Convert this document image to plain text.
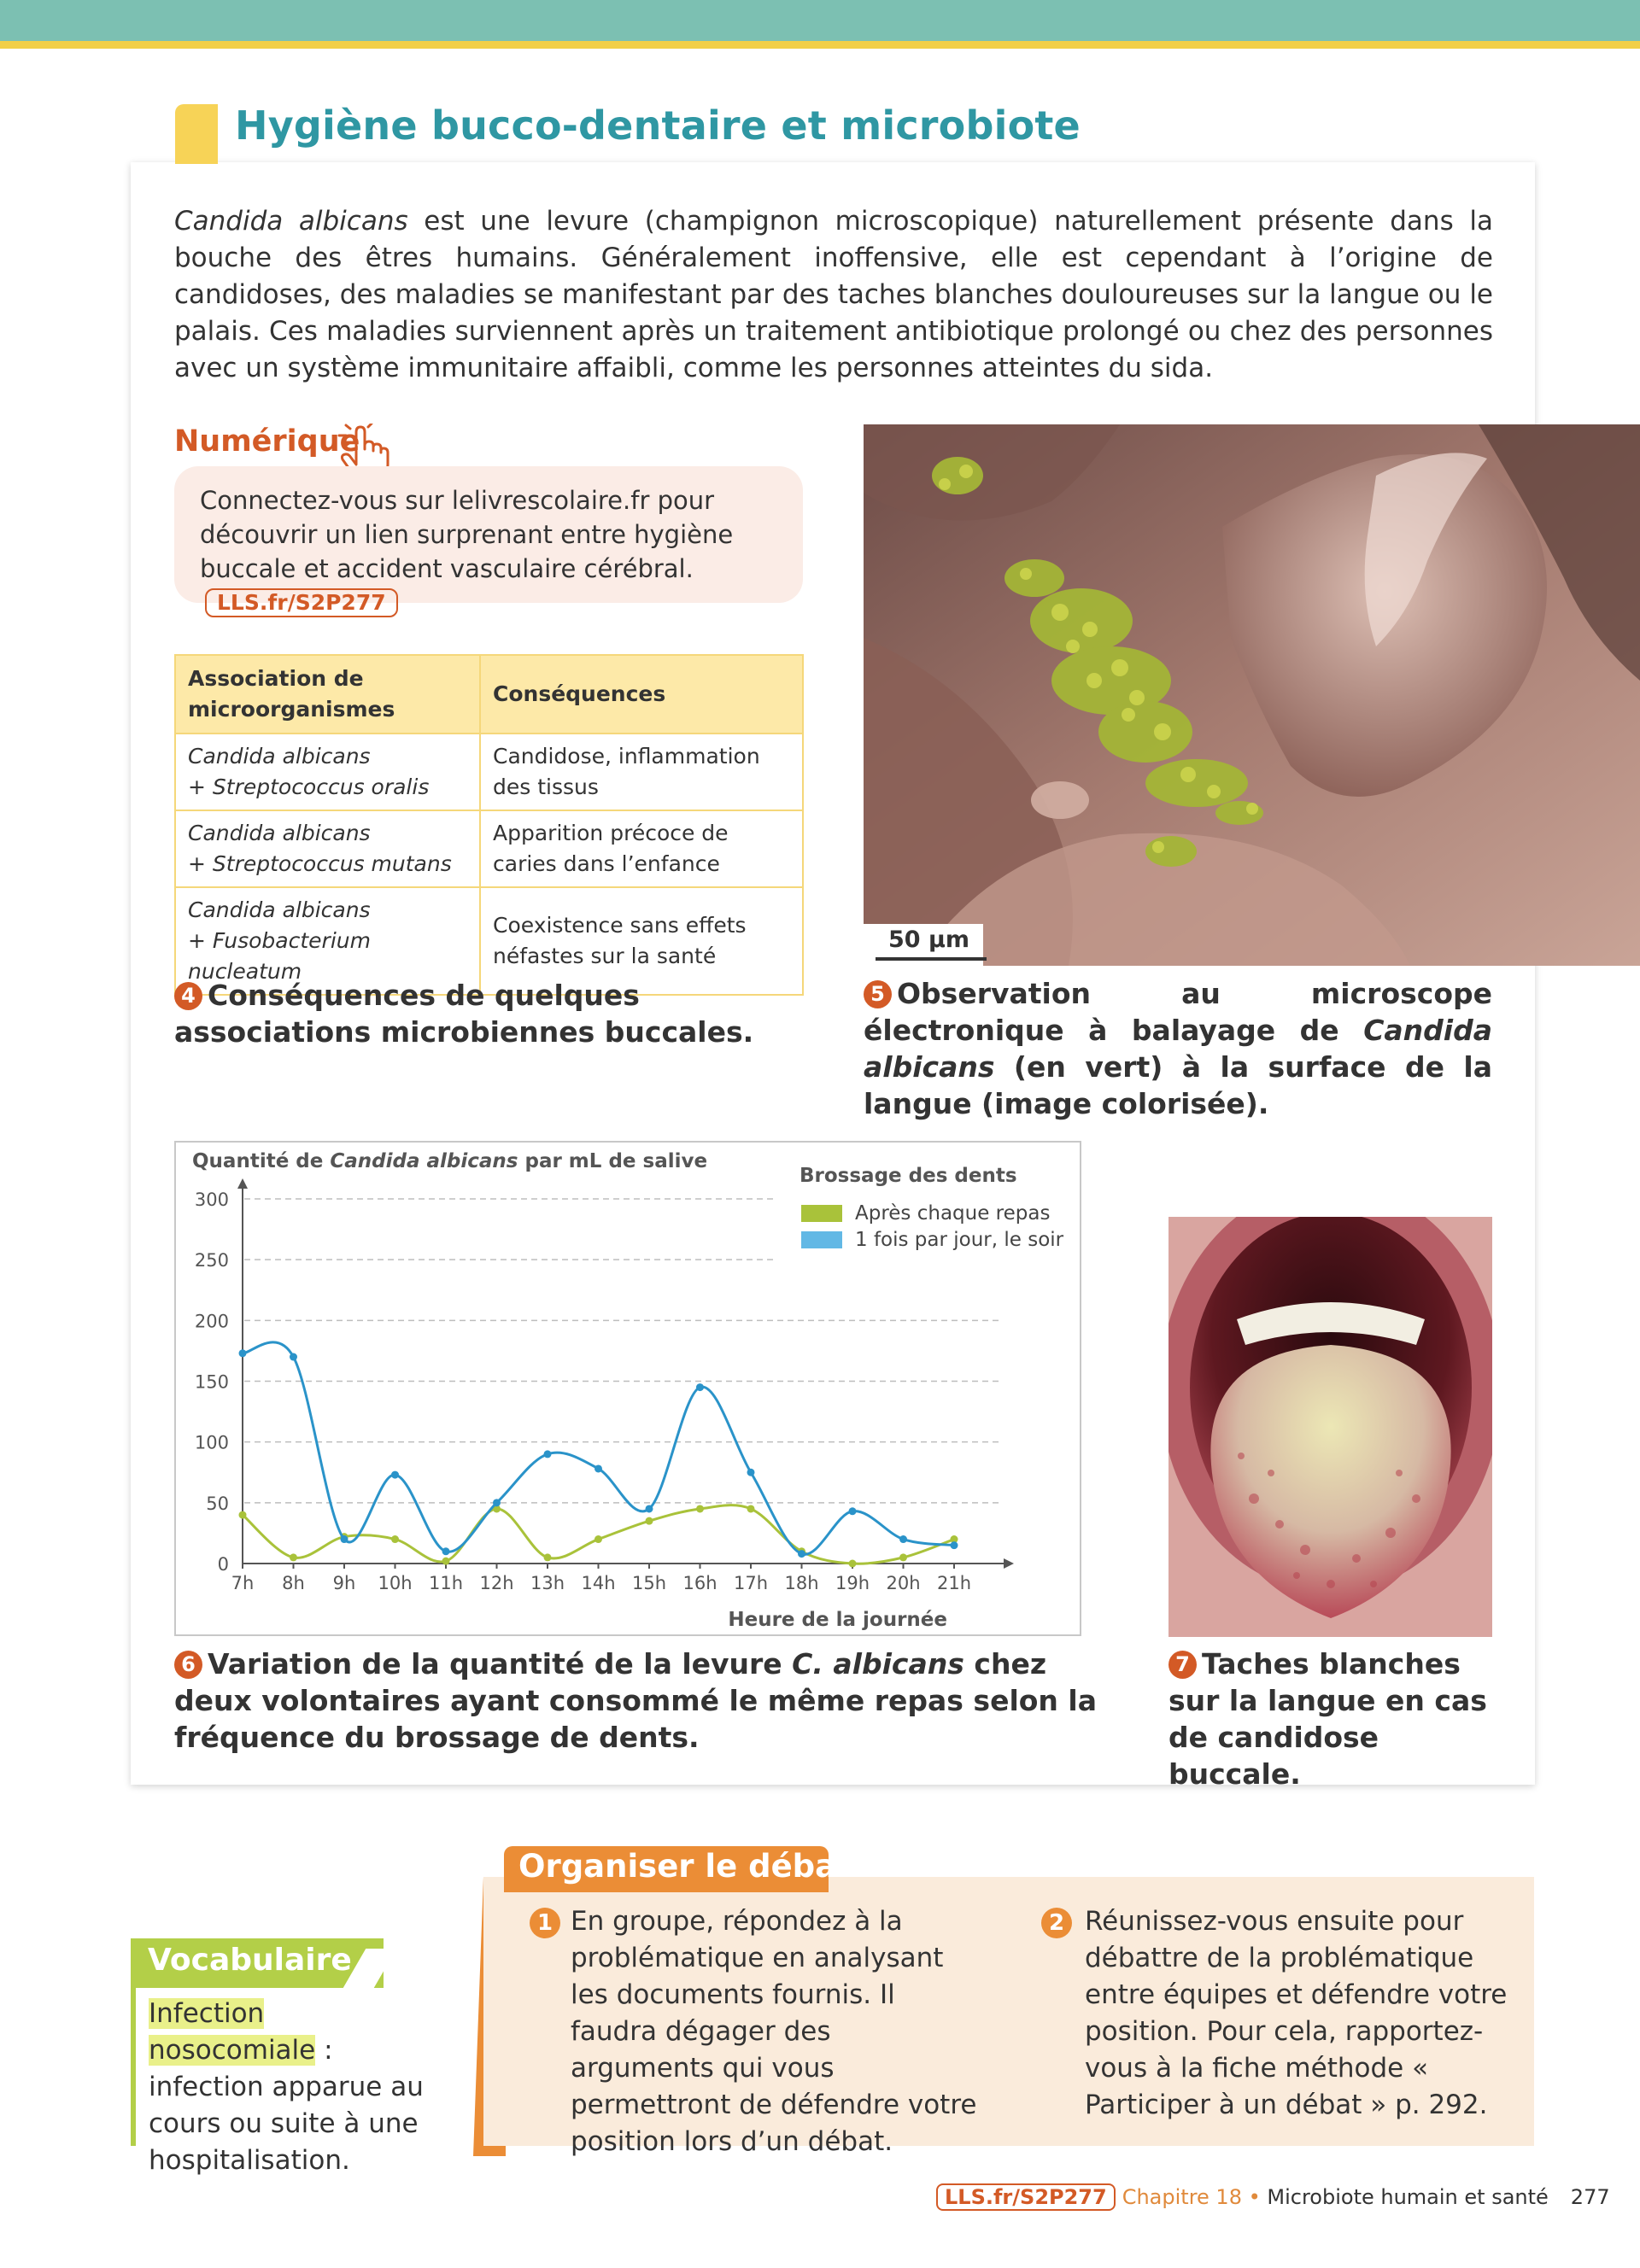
Hygiène bucco-dentaire et microbiote

Candida albicans est une levure (champignon microscopique) naturellement présente dans la bouche des êtres humains. Généralement inoffensive, elle est cependant à l’origine de candidoses, des maladies se manifestant par des taches blanches douloureuses sur la langue ou le palais. Ces maladies surviennent après un traitement antibiotique prolongé ou chez des personnes avec un système immunitaire affaibli, comme les personnes atteintes du sida.

Numérique
Connectez-vous sur lelivrescolaire.fr pour découvrir un lien surprenant entre hygiène buccale et accident vasculaire cérébral.LLS.fr/S2P277
Association de microorganismes	Conséquences
Candida albicans
+ Streptococcus oralis	Candidose, inflammation des tissus
Candida albicans
+ Streptococcus mutans	Apparition précoce de caries dans l’enfance
Candida albicans
+ Fusobacterium nucleatum	Coexistence sans effets néfastes sur la santé
4 Conséquences de quelques associations microbiennes buccales.
50 µm
5 Observation au microscope électronique à balayage de Candida albicans (en vert) à la surface de la langue (image colorisée).
Quantité de Candida albicans par mL de salive
Brossage des dents
Après chaque repas
1 fois par jour, le soir
0
50
100
150
200
250
300
7h 8h 9h 10h 11h 12h 13h 14h 15h 16h 17h 18h 19h 20h 21h
Heure de la journée
6 Variation de la quantité de la levure C. albicans chez deux volontaires ayant consommé le même repas selon la fréquence du brossage de dents.
7 Taches blanches sur la langue en cas de candidose buccale.
Vocabulaire
Infection nosocomiale : infection apparue au cours ou suite à une hospitalisation.
Organiser le débat
1 En groupe, répondez à la problématique en analysant les documents fournis. Il faudra dégager des arguments qui vous permettront de défendre votre position lors d’un débat.
2 Réunissez-vous ensuite pour débattre de la problématique entre équipes et défendre votre position. Pour cela, rapportez-vous à la fiche méthode « Participer à un débat » p. 292.
LLS.fr/S2P277 Chapitre 18 • Microbiote humain et santé 277
